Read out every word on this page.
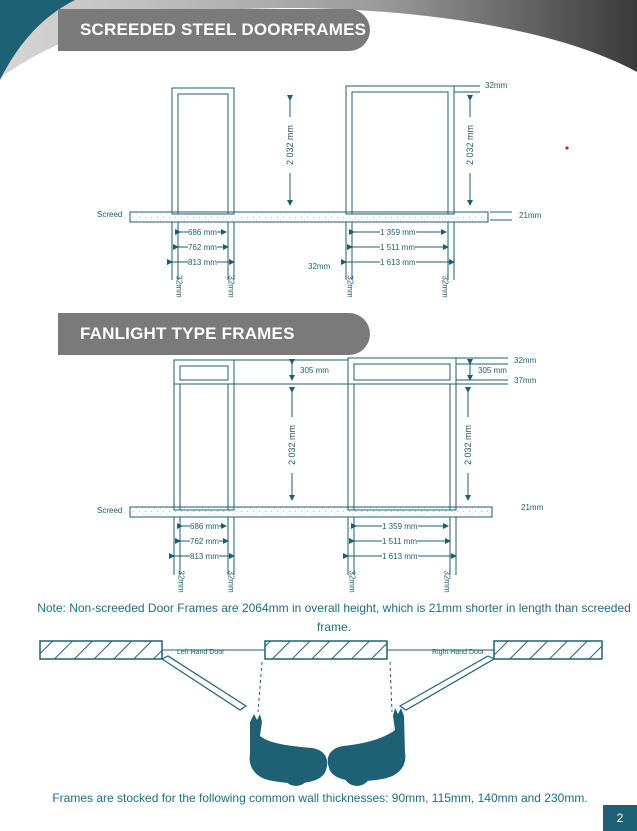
SCREEDED STEEL DOORFRAMES
FANLIGHT TYPE FRAMES
Screed
32mm
21mm
32mm
2 032 mm	2 032 mm
686 mm
762 mm
813 mm
1 359 mm
1 511 mm
1 613 mm
32mm	32mm	32mm	32mm
Screed
305 mm	305 mm
32mm
37mm
21mm
2 032 mm	2 032 mm
686 mm
762 mm
813 mm
1 359 mm
1 511 mm
1 613 mm
32mm	32mm	32mm	32mm
Note: Non-screeded Door Frames are 2064mm in overall height, which is 21mm shorter in length than screeded frame.
Left Hand Door	Right Hand Door
Frames are stocked for the following common wall thicknesses: 90mm, 115mm, 140mm and 230mm.
2
